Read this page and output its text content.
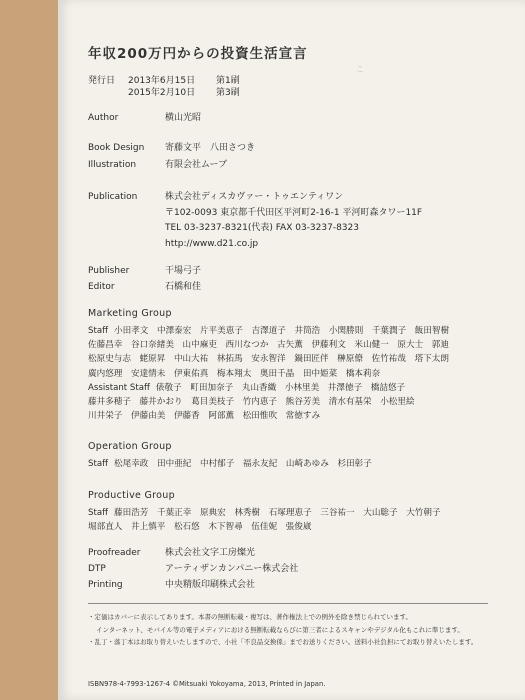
こ
年収200万円からの投資生活宣言
発行日 2013年6月15日 第1刷
2015年2月10日 第3刷
Author	横山光昭
Book Design 寄藤文平　八田さつき
Illustration	有限会社ムーブ
Publication	株式会社ディスカヴァー・トゥエンティワン
〒102-0093 東京都千代田区平河町2-16-1 平河町森タワー11F
TEL 03-3237-8321(代表) FAX 03-3237-8323
http://www.d21.co.jp
Publisher	干場弓子
Editor	石橋和佳
Marketing Group
Staff 小田孝文　中澤泰宏　片平美恵子　吉澤道子　井筒浩　小関勝則　千葉潤子　飯田智樹
佐藤昌幸　谷口奈緒美　山中麻吏　西川なつか　古矢薫　伊藤利文　米山健一　原大士　郭迪
松原史与志　蛯原昇　中山大祐　林拓馬　安永智洋　鍋田匠伴　榊原僚　佐竹祐哉　塔下太朗
廣内悠理　安達情未　伊東佑真　梅本翔太　奥田千晶　田中姫菜　橋本莉奈
Assistant Staff 俵敬子　町田加奈子　丸山香織　小林里美　井澤徳子　橋詰悠子
藤井多穂子　藤井かおり　葛目美枝子　竹内恵子　熊谷芳美　清水有基栄　小松里絵
川井栄子　伊藤由美　伊藤香　阿部薫　松田惟吹　常徳すみ
Operation Group
Staff 松尾幸政　田中亜紀　中村郁子　福永友紀　山崎あゆみ　杉田彰子
Productive Group
Staff 藤田浩芳　千葉正幸　原典宏　林秀樹　石塚理恵子　三谷祐一　大山聡子　大竹朝子
堀部直人　井上慎平　松石悠　木下智尋　伍佳妮　張俊崴
Proofreader	株式会社文字工房燦光
DTP	アーティザンカンパニー株式会社
Printing	中央精版印刷株式会社
・定価はカバーに表示してあります。本書の無断転載・複写は、著作権法上での例外を除き禁じられています。
インターネット、モバイル等の電子メディアにおける無断転載ならびに第三者によるスキャンやデジタル化もこれに準じます。
・乱丁・落丁本はお取り替えいたしますので、小社「不良品交換係」までお送りください。送料小社負担にてお取り替えいたします。
ISBN978-4-7993-1267-4 ©Mitsuaki Yokoyama, 2013, Printed in Japan.
